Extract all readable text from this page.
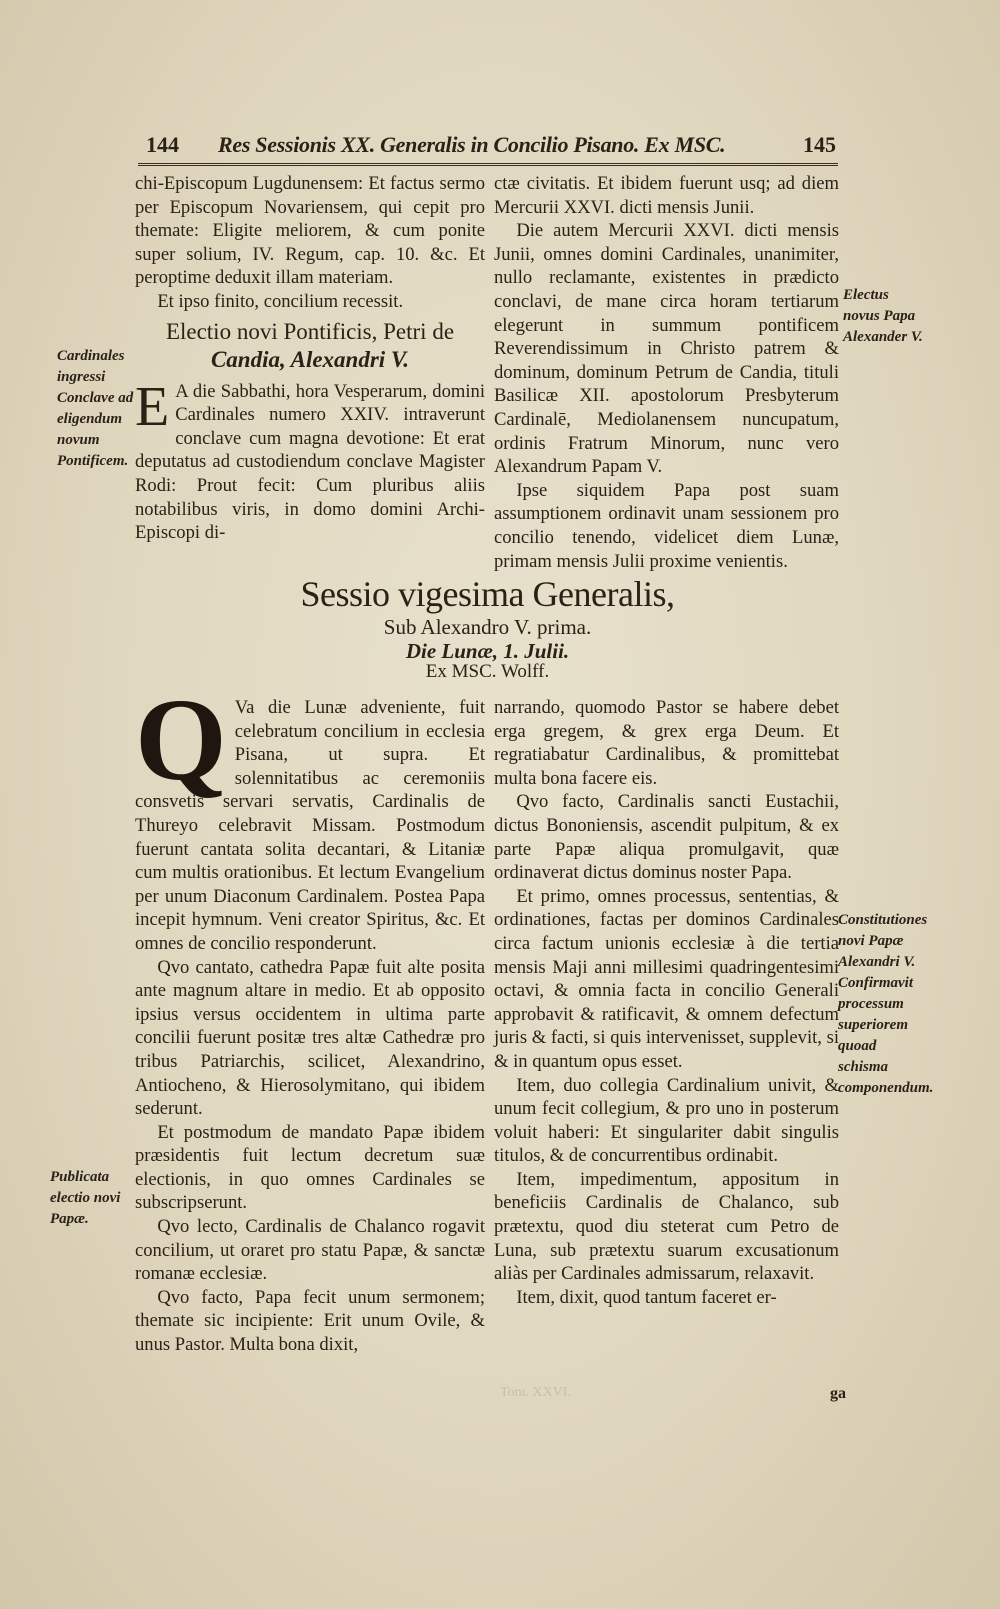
144 Res Sessionis XX. Generalis in Concilio Pisano. Ex MSC.	145

chi-Episcopum Lugdunensem: Et factus sermo per Episcopum Novariensem, qui cepit pro themate: Eligite meliorem, & cum ponite super solium, IV. Regum, cap. 10. &c. Et peroptime deduxit illam materiam.

Et ipso finito, concilium recessit.

Electio novi Pontificis, Petri de
Candia, Alexandri V.

E A die Sabbathi, hora Vesperarum, domini Cardinales numero XXIV. intraverunt conclave cum magna devotione: Et erat deputatus ad custodiendum conclave Magister Rodi: Prout fecit: Cum pluribus aliis notabilibus viris, in domo domini Archi-Episcopi di-

ctæ civitatis. Et ibidem fuerunt usq; ad diem Mercurii XXVI. dicti mensis Junii.

Die autem Mercurii XXVI. dicti mensis Junii, omnes domini Cardinales, unanimiter, nullo reclamante, existentes in prædicto conclavi, de mane circa horam tertiarum elegerunt in summum pontificem Reverendissimum in Christo patrem & dominum, dominum Petrum de Candia, tituli Basilicæ XII. apostolorum Presbyterum Cardinalē, Mediolanensem nuncupatum, ordinis Fratrum Minorum, nunc vero Alexandrum Papam V.

Ipse siquidem Papa post suam assumptionem ordinavit unam sessionem pro concilio tenendo, videlicet diem Lunæ, primam mensis Julii proxime venientis.

Sessio vigesima Generalis,
Sub Alexandro V. prima.
Die Lunæ, 1. Julii.
Ex MSC. Wolff.

Q Va die Lunæ adveniente, fuit celebratum concilium in ecclesia Pisana, ut supra. Et solennitatibus ac ceremoniis consvetis servari servatis, Cardinalis de Thureyo celebravit Missam. Postmodum fuerunt cantata solita decantari, & Litaniæ cum multis orationibus. Et lectum Evangelium per unum Diaconum Cardinalem. Postea Papa incepit hymnum. Veni creator Spiritus, &c. Et omnes de concilio responderunt.

Qvo cantato, cathedra Papæ fuit alte posita ante magnum altare in medio. Et ab opposito ipsius versus occidentem in ultima parte concilii fuerunt positæ tres altæ Cathedræ pro tribus Patriarchis, scilicet, Alexandrino, Antiocheno, & Hierosolymitano, qui ibidem sederunt.

Et postmodum de mandato Papæ ibidem præsidentis fuit lectum decretum suæ electionis, in quo omnes Cardinales se subscripserunt.

Qvo lecto, Cardinalis de Chalanco rogavit concilium, ut oraret pro statu Papæ, & sanctæ romanæ ecclesiæ.

Qvo facto, Papa fecit unum sermonem; themate sic incipiente: Erit unum Ovile, & unus Pastor. Multa bona dixit,

narrando, quomodo Pastor se habere debet erga gregem, & grex erga Deum. Et regratiabatur Cardinalibus, & promittebat multa bona facere eis.

Qvo facto, Cardinalis sancti Eustachii, dictus Bononiensis, ascendit pulpitum, & ex parte Papæ aliqua promulgavit, quæ ordinaverat dictus dominus noster Papa.

Et primo, omnes processus, sententias, & ordinationes, factas per dominos Cardinales circa factum unionis ecclesiæ à die tertia mensis Maji anni millesimi quadringentesimi octavi, & omnia facta in concilio Generali approbavit & ratificavit, & omnem defectum juris & facti, si quis intervenisset, supplevit, si & in quantum opus esset.

Item, duo collegia Cardinalium univit, & unum fecit collegium, & pro uno in posterum voluit haberi: Et singulariter dabit singulis titulos, & de concurrentibus ordinabit.

Item, impedimentum, appositum in beneficiis Cardinalis de Chalanco, sub prætextu, quod diu steterat cum Petro de Luna, sub prætextu suarum excusationum aliàs per Cardinales admissarum, relaxavit.

Item, dixit, quod tantum faceret er-

Cardinales ingressi Conclave ad eligendum novum Pontificem.
Publicata electio novi Papæ.
Electus novus Papa Alexander V.
Constitutiones novi Papæ Alexandri V. Confirmavit processum superiorem quoad schisma componendum.
Tom. XXVI.	ga
